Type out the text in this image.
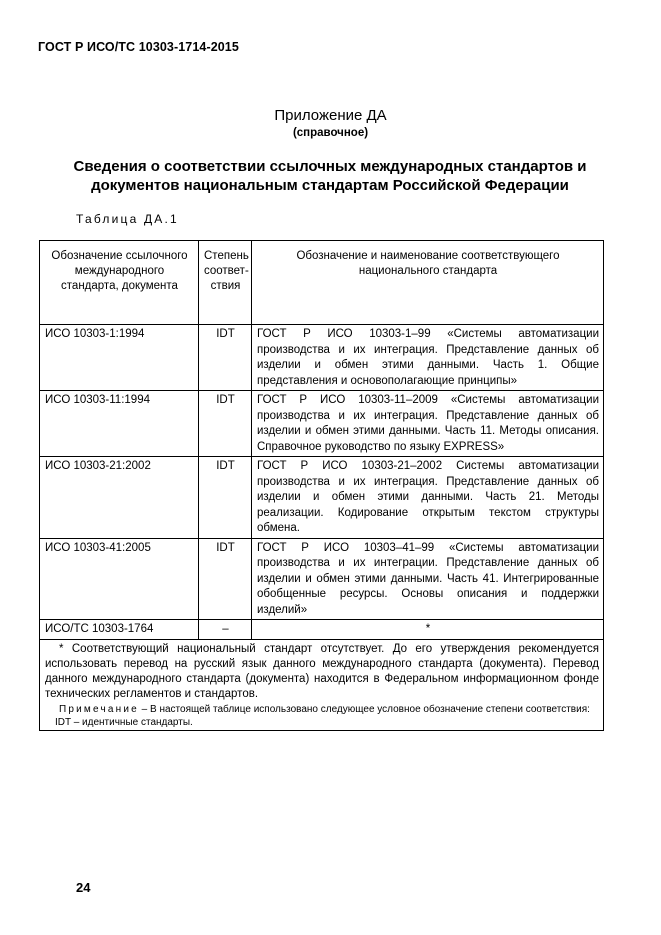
ГОСТ Р ИСО/ТС 10303-1714-2015
Приложение ДА
(справочное)
Сведения о соответствии ссылочных международных стандартов и
документов национальным стандартам Российской Федерации
Таблица ДА.1
Обозначение ссылочного международного стандарта, документа	Степень соответ-ствия	Обозначение и наименование соответствующего национального стандарта
ИСО 10303-1:1994	IDT	ГОСТ Р ИСО 10303-1–99 «Системы автоматизации производства и их интеграция. Представление данных об изделии и обмен этими данными. Часть 1. Общие представления и основополагающие принципы»
ИСО 10303-11:1994	IDT	ГОСТ Р ИСО 10303-11–2009 «Системы автоматизации производства и их интеграция. Представление данных об изделии и обмен этими данными. Часть 11. Методы описания. Справочное руководство по языку EXPRESS»
ИСО 10303-21:2002	IDT	ГОСТ Р ИСО 10303-21–2002 Системы автоматизации производства и их интеграция. Представление данных об изделии и обмен этими данными. Часть 21. Методы реализации. Кодирование открытым текстом структуры обмена.
ИСО 10303-41:2005	IDT	ГОСТ Р ИСО 10303–41–99 «Системы автоматизации производства и их интеграции. Представление данных об изделии и обмен этими данными. Часть 41. Интегрированные обобщенные ресурсы. Основы описания и поддержки изделий»
ИСО/ТС 10303-1764	–	*

* Соответствующий национальный стандарт отсутствует. До его утверждения рекомендуется использовать перевод на русский язык данного международного стандарта (документа). Перевод данного международного стандарта (документа) находится в Федеральном информационном фонде технических регламентов и стандартов.
Примечание – В настоящей таблице использовано следующее условное обозначение степени соответствия:
IDT – идентичные стандарты.		
24
